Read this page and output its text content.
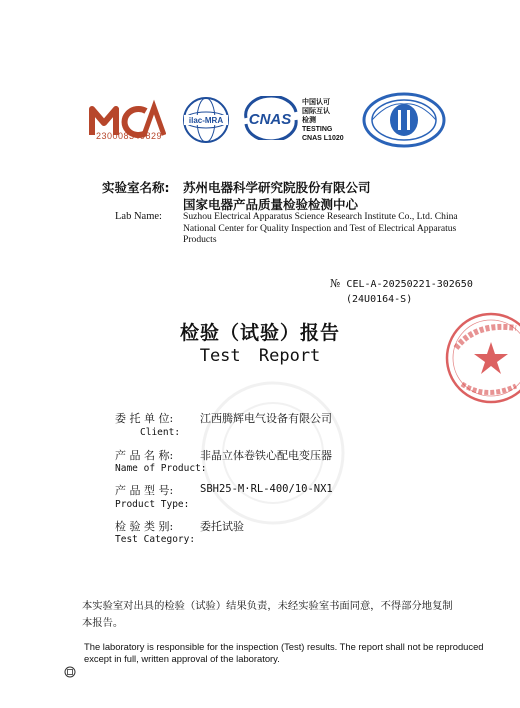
230008349829
ilac-MRA CNAS
中国认可
国际互认
检测
TESTING
CNAS L1020
实验室名称: 苏州电器科学研究院股份有限公司
国家电器产品质量检验检测中心
Lab Name: Suzhou Electrical Apparatus Science Research Institute Co., Ltd. China National Center for Quality Inspection and Test of Electrical Apparatus Products
№ CEL-A-20250221-302650
(24U0164-S)
检验（试验）报告
Test Report
委 托 单 位: 江西腾辉电气设备有限公司
Client:
产 品 名 称: 非晶立体卷铁心配电变压器
Name of Product:
产 品 型 号:	SBH25-M·RL-400/10-NX1
Product Type:
检 验 类 别: 委托试验
Test Category:
本实验室对出具的检验（试验）结果负责，未经实验室书面同意，不得部分地复制本报告。
The laboratory is responsible for the inspection (Test) results. The report shall not be reproduced except in full, written approval of the laboratory.
